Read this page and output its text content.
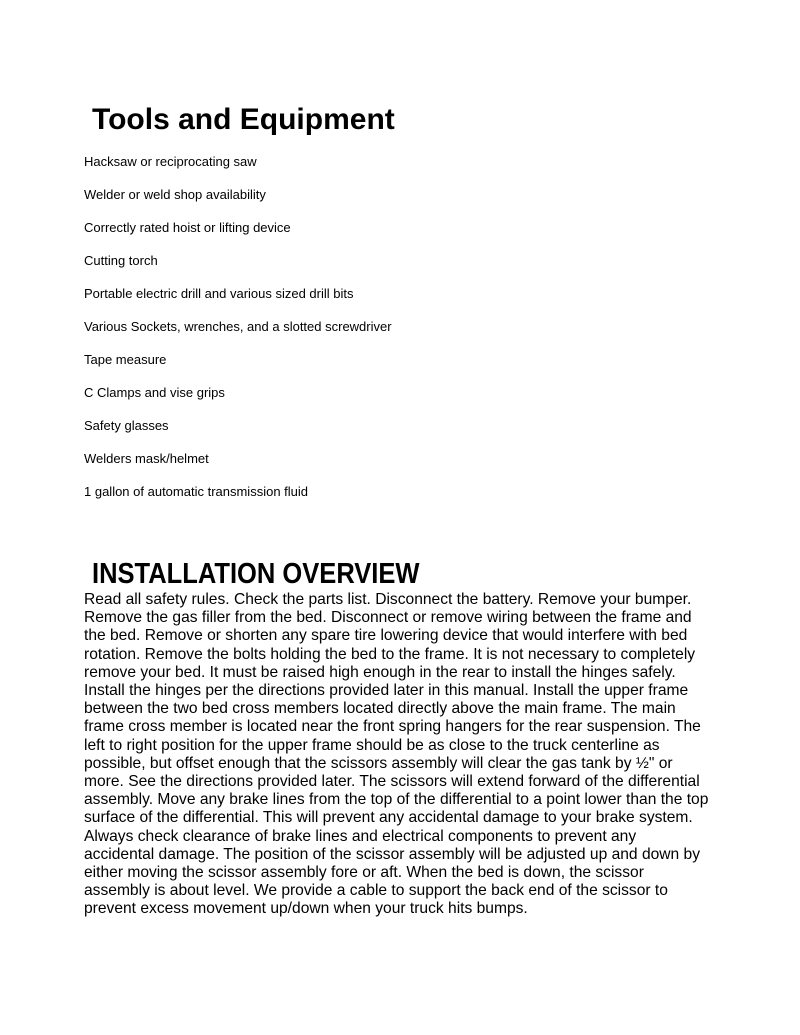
Tools and Equipment
Hacksaw or reciprocating saw
Welder or weld shop availability
Correctly rated hoist or lifting device
Cutting torch
Portable electric drill and various sized drill bits
Various Sockets, wrenches, and a slotted screwdriver
Tape measure
C Clamps and vise grips
Safety glasses
Welders mask/helmet
1 gallon of automatic transmission fluid
INSTALLATION OVERVIEW

Read all safety rules. Check the parts list. Disconnect the battery. Remove your bumper. Remove the gas filler from the bed. Disconnect or remove wiring between the frame and the bed. Remove or shorten any spare tire lowering device that would interfere with bed rotation. Remove the bolts holding the bed to the frame. It is not necessary to completely remove your bed. It must be raised high enough in the rear to install the hinges safely. Install the hinges per the directions provided later in this manual. Install the upper frame between the two bed cross members located directly above the main frame. The main frame cross member is located near the front spring hangers for the rear suspension. The left to right position for the upper frame should be as close to the truck centerline as possible, but offset enough that the scissors assembly will clear the gas tank by ½" or more. See the directions provided later. The scissors will extend forward of the differential assembly. Move any brake lines from the top of the differential to a point lower than the top surface of the differential. This will prevent any accidental damage to your brake system. Always check clearance of brake lines and electrical components to prevent any accidental damage. The position of the scissor assembly will be adjusted up and down by either moving the scissor assembly fore or aft. When the bed is down, the scissor assembly is about level. We provide a cable to support the back end of the scissor to prevent excess movement up/down when your truck hits bumps.
